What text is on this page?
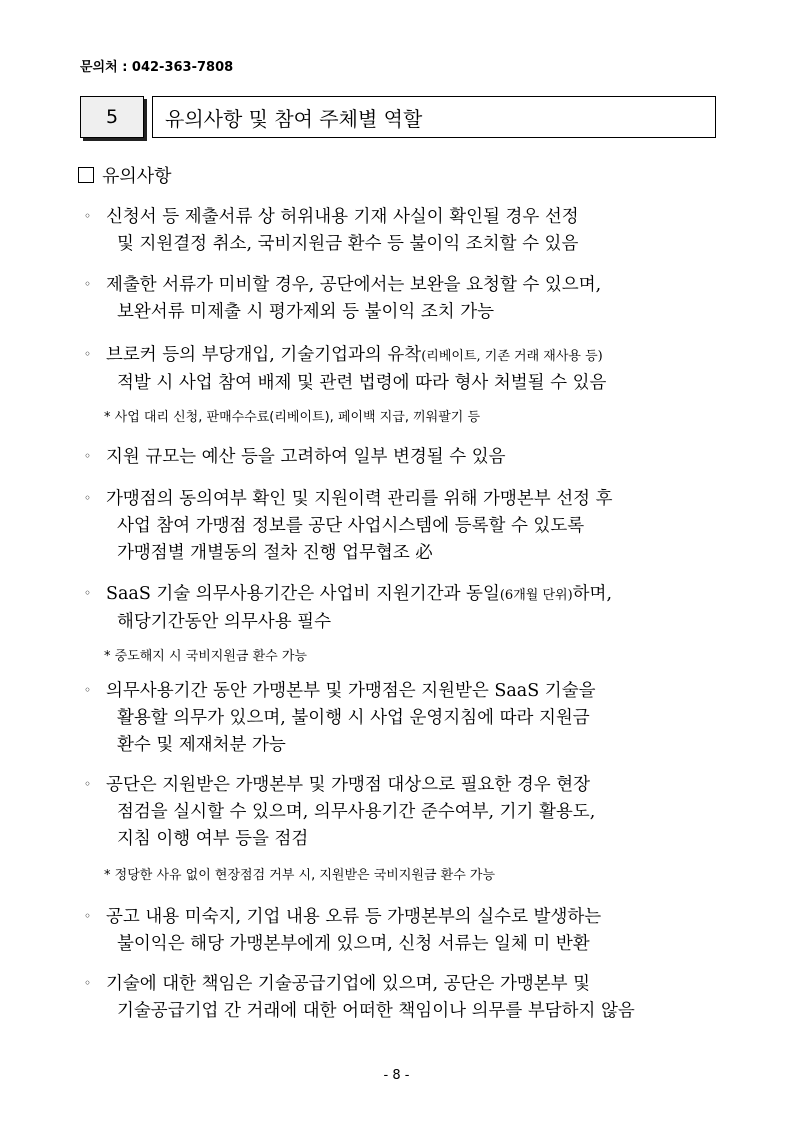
문의처 : 042-363-7808
5	유의사항 및 참여 주체별 역할
유의사항
◦ 신청서 등 제출서류 상 허위내용 기재 사실이 확인될 경우 선정
및 지원결정 취소, 국비지원금 환수 등 불이익 조치할 수 있음
◦ 제출한 서류가 미비할 경우, 공단에서는 보완을 요청할 수 있으며,
보완서류 미제출 시 평가제외 등 불이익 조치 가능
◦ 브로커 등의 부당개입, 기술기업과의 유착(리베이트, 기존 거래 재사용 등)
적발 시 사업 참여 배제 및 관련 법령에 따라 형사 처벌될 수 있음
* 사업 대리 신청, 판매수수료(리베이트), 페이백 지급, 끼워팔기 등
◦ 지원 규모는 예산 등을 고려하여 일부 변경될 수 있음
◦ 가맹점의 동의여부 확인 및 지원이력 관리를 위해 가맹본부 선정 후
사업 참여 가맹점 정보를 공단 사업시스템에 등록할 수 있도록
가맹점별 개별동의 절차 진행 업무협조 必
◦ SaaS 기술 의무사용기간은 사업비 지원기간과 동일(6개월 단위)하며,
해당기간동안 의무사용 필수
* 중도해지 시 국비지원금 환수 가능
◦ 의무사용기간 동안 가맹본부 및 가맹점은 지원받은 SaaS 기술을
활용할 의무가 있으며, 불이행 시 사업 운영지침에 따라 지원금
환수 및 제재처분 가능
◦ 공단은 지원받은 가맹본부 및 가맹점 대상으로 필요한 경우 현장
점검을 실시할 수 있으며, 의무사용기간 준수여부, 기기 활용도,
지침 이행 여부 등을 점검
* 정당한 사유 없이 현장점검 거부 시, 지원받은 국비지원금 환수 가능
◦ 공고 내용 미숙지, 기업 내용 오류 등 가맹본부의 실수로 발생하는
불이익은 해당 가맹본부에게 있으며, 신청 서류는 일체 미 반환
◦ 기술에 대한 책임은 기술공급기업에 있으며, 공단은 가맹본부 및
기술공급기업 간 거래에 대한 어떠한 책임이나 의무를 부담하지 않음
- 8 -
